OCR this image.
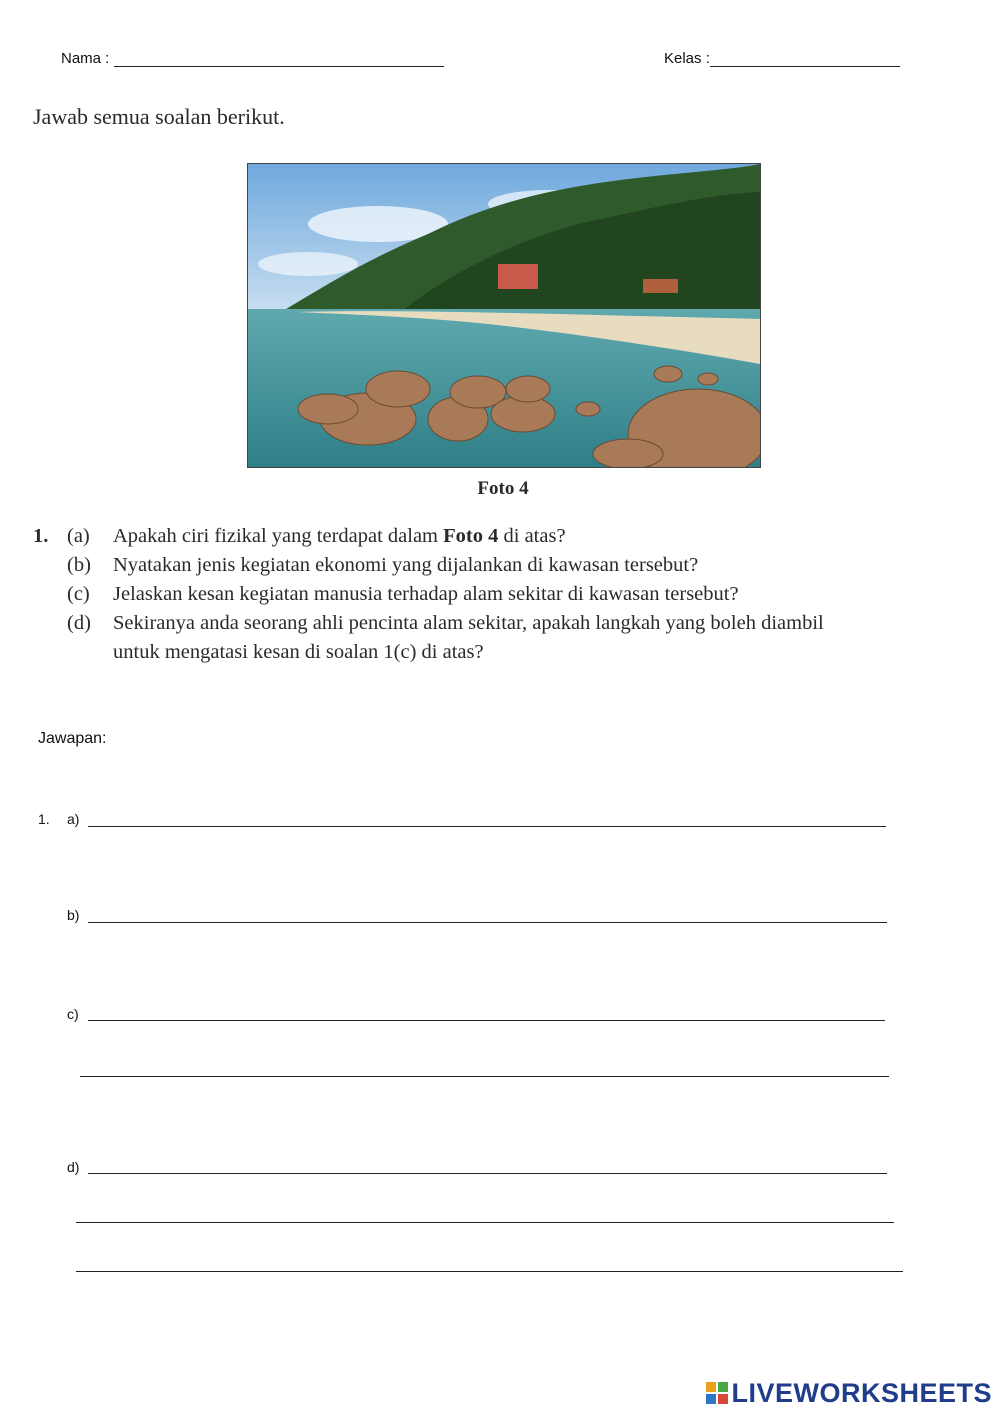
Nama :	Kelas :
Jawab semua soalan berikut.
Foto 4
1. (a) Apakah ciri fizikal yang terdapat dalam Foto 4 di atas?
(b) Nyatakan jenis kegiatan ekonomi yang dijalankan di kawasan tersebut?
(c) Jelaskan kesan kegiatan manusia terhadap alam sekitar di kawasan tersebut?
(d) Sekiranya anda seorang ahli pencinta alam sekitar, apakah langkah yang boleh diambil
untuk mengatasi kesan di soalan 1(c) di atas?
Jawapan:
1. a)
b)
c)
d)
LIVEWORKSHEETS
